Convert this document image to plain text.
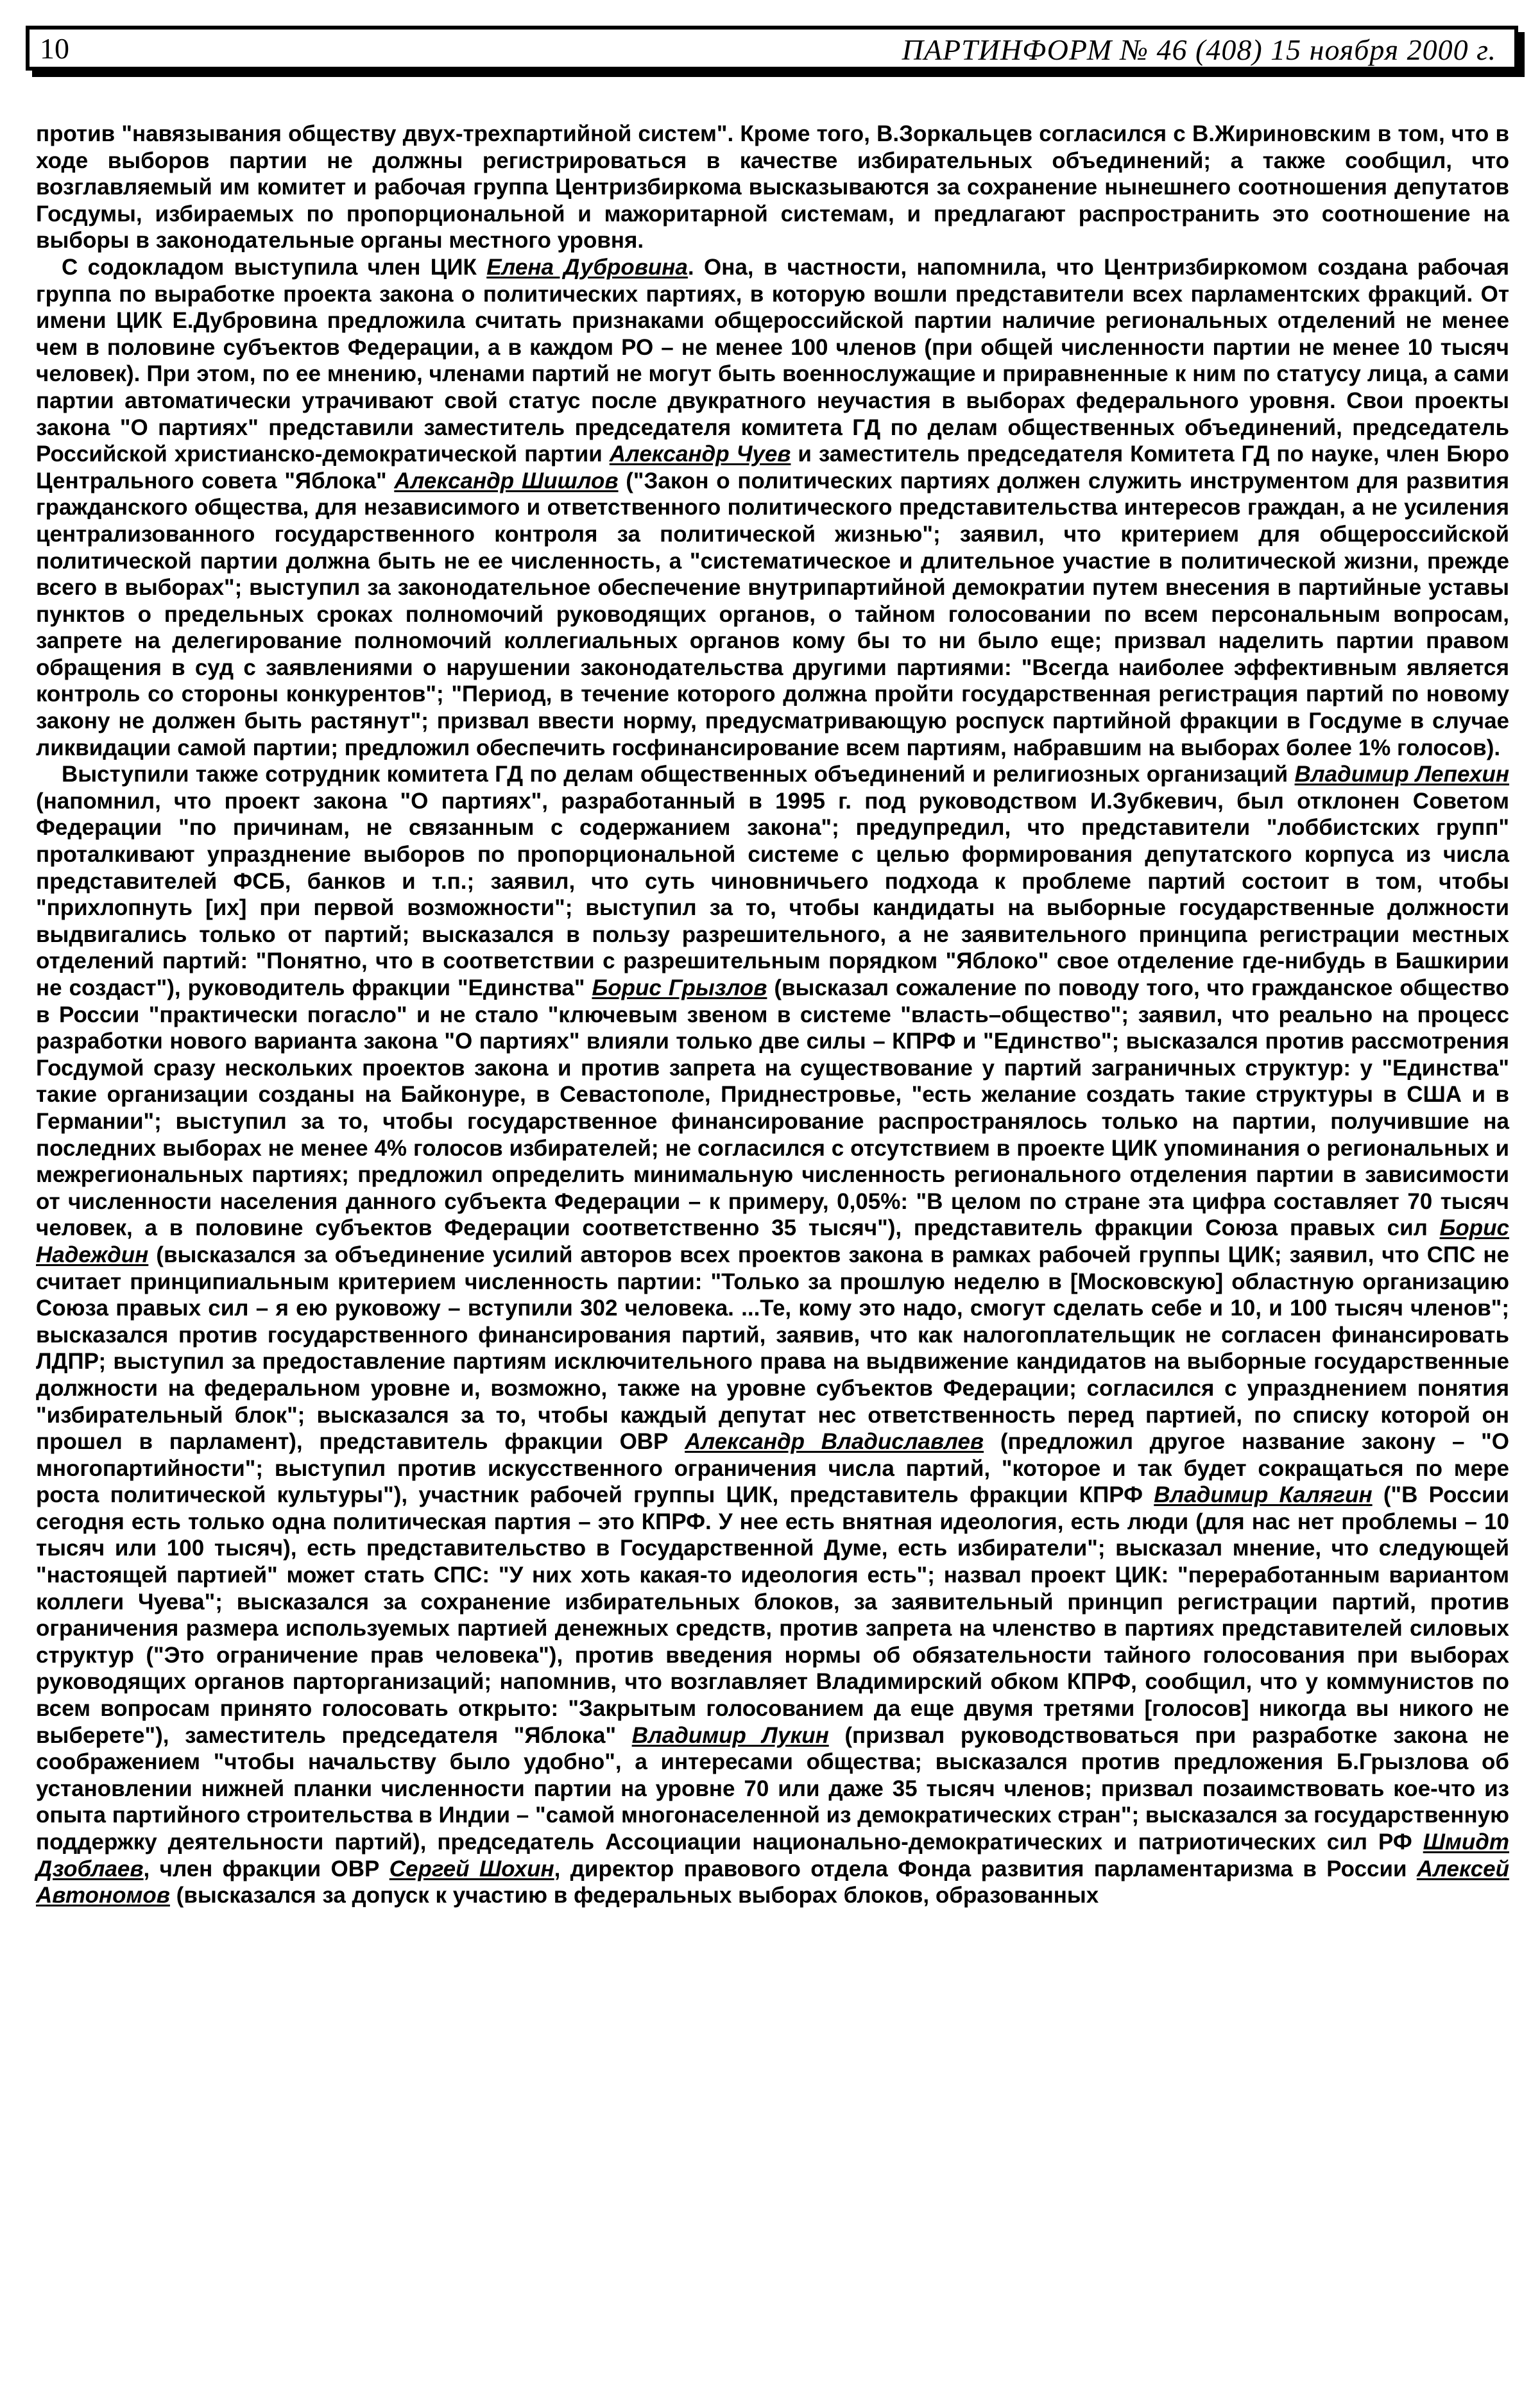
10	ПАРТИНФОРМ № 46 (408) 15 ноября 2000 г.

против "навязывания обществу двух-трехпартийной систем". Кроме того, В.Зоркальцев согласился с В.Жириновским в том, что в ходе выборов партии не должны регистрироваться в качестве избирательных объединений; а также сообщил, что возглавляемый им комитет и рабочая группа Центризбиркома высказываются за сохранение нынешнего соотношения депутатов Госдумы, избираемых по пропорциональной и мажоритарной системам, и предлагают распространить это соотношение на выборы в законодательные органы местного уровня.

С содокладом выступила член ЦИК Елена Дубровина. Она, в частности, напомнила, что Центризбиркомом создана рабочая группа по выработке проекта закона о политических партиях, в которую вошли представители всех парламентских фракций. От имени ЦИК Е.Дубровина предложила считать признаками общероссийской партии наличие региональных отделений не менее чем в половине субъектов Федерации, а в каждом РО – не менее 100 членов (при общей численности партии не менее 10 тысяч человек). При этом, по ее мнению, членами партий не могут быть военнослужащие и приравненные к ним по статусу лица, а сами партии автоматически утрачивают свой статус после двукратного неучастия в выборах федерального уровня. Свои проекты закона "О партиях" представили заместитель председателя комитета ГД по делам общественных объединений, председатель Российской христианско-демократической партии Александр Чуев и заместитель председателя Комитета ГД по науке, член Бюро Центрального совета "Яблока" Александр Шишлов ("Закон о политических партиях должен служить инструментом для развития гражданского общества, для независимого и ответственного политического представительства интересов граждан, а не усиления централизованного государственного контроля за политической жизнью"; заявил, что критерием для общероссийской политической партии должна быть не ее численность, а "систематическое и длительное участие в политической жизни, прежде всего в выборах"; выступил за законодательное обеспечение внутрипартийной демократии путем внесения в партийные уставы пунктов о предельных сроках полномочий руководящих органов, о тайном голосовании по всем персональным вопросам, запрете на делегирование полномочий коллегиальных органов кому бы то ни было еще; призвал наделить партии правом обращения в суд с заявлениями о нарушении законодательства другими партиями: "Всегда наиболее эффективным является контроль со стороны конкурентов"; "Период, в течение которого должна пройти государственная регистрация партий по новому закону не должен быть растянут"; призвал ввести норму, предусматривающую роспуск партийной фракции в Госдуме в случае ликвидации самой партии; предложил обеспечить госфинансирование всем партиям, набравшим на выборах более 1% голосов).

Выступили также сотрудник комитета ГД по делам общественных объединений и религиозных организаций Владимир Лепехин (напомнил, что проект закона "О партиях", разработанный в 1995 г. под руководством И.Зубкевич, был отклонен Советом Федерации "по причинам, не связанным с содержанием закона"; предупредил, что представители "лоббистских групп" проталкивают упразднение выборов по пропорциональной системе с целью формирования депутатского корпуса из числа представителей ФСБ, банков и т.п.; заявил, что суть чиновничьего подхода к проблеме партий состоит в том, чтобы "прихлопнуть [их] при первой возможности"; выступил за то, чтобы кандидаты на выборные государственные должности выдвигались только от партий; высказался в пользу разрешительного, а не заявительного принципа регистрации местных отделений партий: "Понятно, что в соответствии с разрешительным порядком "Яблоко" свое отделение где-нибудь в Башкирии не создаст"), руководитель фракции "Единства" Борис Грызлов (высказал сожаление по поводу того, что гражданское общество в России "практически погасло" и не стало "ключевым звеном в системе "власть–общество"; заявил, что реально на процесс разработки нового варианта закона "О партиях" влияли только две силы – КПРФ и "Единство"; высказался против рассмотрения Госдумой сразу нескольких проектов закона и против запрета на существование у партий заграничных структур: у "Единства" такие организации созданы на Байконуре, в Севастополе, Приднестровье, "есть желание создать такие структуры в США и в Германии"; выступил за то, чтобы государственное финансирование распространялось только на партии, получившие на последних выборах не менее 4% голосов избирателей; не согласился с отсутствием в проекте ЦИК упоминания о региональных и межрегиональных партиях; предложил определить минимальную численность регионального отделения партии в зависимости от численности населения данного субъекта Федерации – к примеру, 0,05%: "В целом по стране эта цифра составляет 70 тысяч человек, а в половине субъектов Федерации соответственно 35 тысяч"), представитель фракции Союза правых сил Борис Надеждин (высказался за объединение усилий авторов всех проектов закона в рамках рабочей группы ЦИК; заявил, что СПС не считает принципиальным критерием численность партии: "Только за прошлую неделю в [Московскую] областную организацию Союза правых сил – я ею руковожу – вступили 302 человека. ...Те, кому это надо, смогут сделать себе и 10, и 100 тысяч членов"; высказался против государственного финансирования партий, заявив, что как налогоплательщик не согласен финансировать ЛДПР; выступил за предоставление партиям исключительного права на выдвижение кандидатов на выборные государственные должности на федеральном уровне и, возможно, также на уровне субъектов Федерации; согласился с упразднением понятия "избирательный блок"; высказался за то, чтобы каждый депутат нес ответственность перед партией, по списку которой он прошел в парламент), представитель фракции ОВР Александр Владиславлев (предложил другое название закону – "О многопартийности"; выступил против искусственного ограничения числа партий, "которое и так будет сокращаться по мере роста политической культуры"), участник рабочей группы ЦИК, представитель фракции КПРФ Владимир Калягин ("В России сегодня есть только одна политическая партия – это КПРФ. У нее есть внятная идеология, есть люди (для нас нет проблемы – 10 тысяч или 100 тысяч), есть представительство в Государственной Думе, есть избиратели"; высказал мнение, что следующей "настоящей партией" может стать СПС: "У них хоть какая-то идеология есть"; назвал проект ЦИК: "переработанным вариантом коллеги Чуева"; высказался за сохранение избирательных блоков, за заявительный принцип регистрации партий, против ограничения размера используемых партией денежных средств, против запрета на членство в партиях представителей силовых структур ("Это ограничение прав человека"), против введения нормы об обязательности тайного голосования при выборах руководящих органов парторганизаций; напомнив, что возглавляет Владимирский обком КПРФ, сообщил, что у коммунистов по всем вопросам принято голосовать открыто: "Закрытым голосованием да еще двумя третями [голосов] никогда вы никого не выберете"), заместитель председателя "Яблока" Владимир Лукин (призвал руководствоваться при разработке закона не соображением "чтобы начальству было удобно", а интересами общества; высказался против предложения Б.Грызлова об установлении нижней планки численности партии на уровне 70 или даже 35 тысяч членов; призвал позаимствовать кое-что из опыта партийного строительства в Индии – "самой многонаселенной из демократических стран"; высказался за государственную поддержку деятельности партий), председатель Ассоциации национально-демократических и патриотических сил РФ Шмидт Дзоблаев, член фракции ОВР Сергей Шохин, директор правового отдела Фонда развития парламентаризма в России Алексей Автономов (высказался за допуск к участию в федеральных выборах блоков, образованных
